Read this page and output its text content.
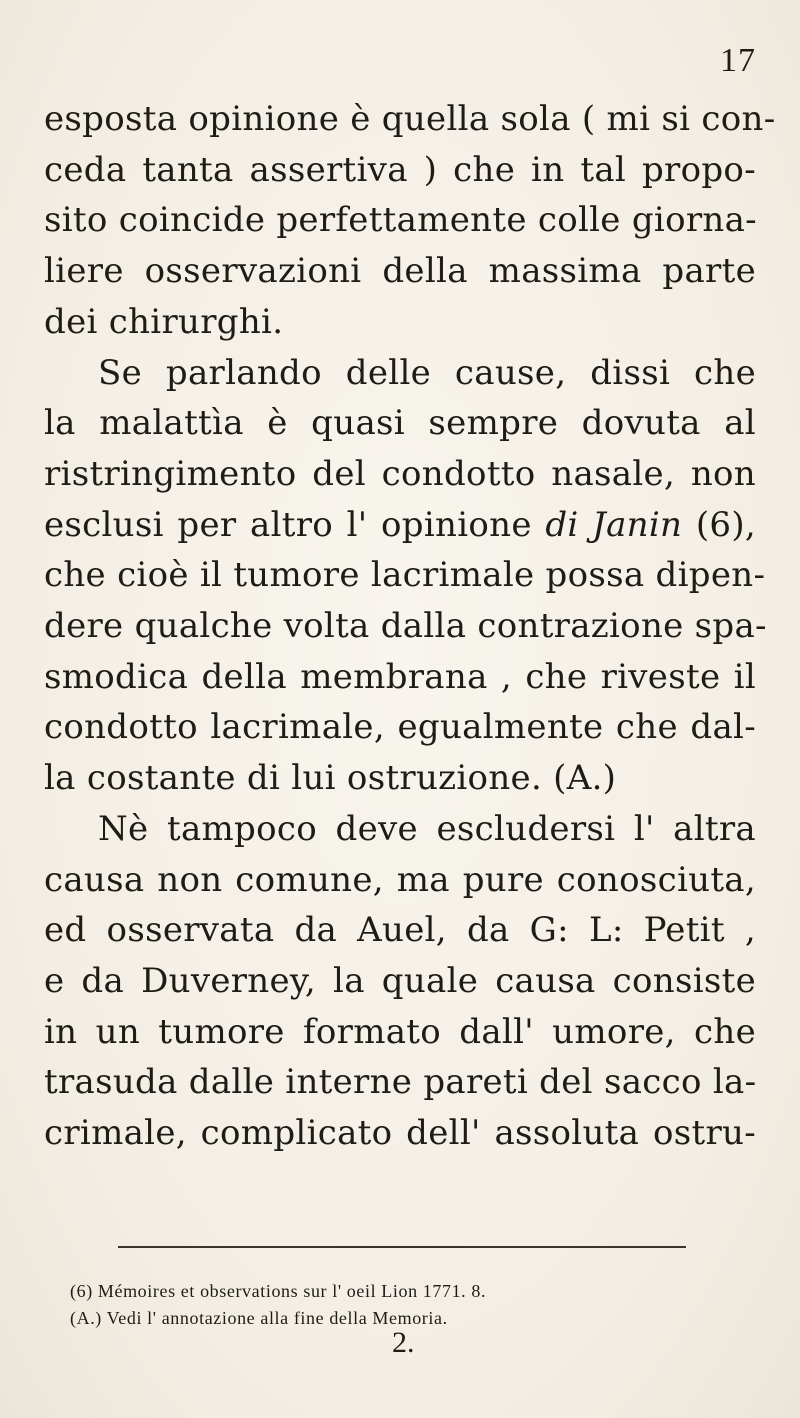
17
esposta opinione è quella sola ( mi si con-
ceda tanta assertiva ) che in tal propo-
sito coincide perfettamente colle giorna-
liere osservazioni della massima parte
dei chirurghi.
Se parlando delle cause, dissi che
la malattìa è quasi sempre dovuta al
ristringimento del condotto nasale, non
esclusi per altro l' opinione di Janin (6),
che cioè il tumore lacrimale possa dipen-
dere qualche volta dalla contrazione spa-
smodica della membrana , che riveste il
condotto lacrimale, egualmente che dal-
la costante di lui ostruzione. (A.)
Nè tampoco deve escludersi l' altra
causa non comune, ma pure conosciuta,
ed osservata da Auel, da G: L: Petit ,
e da Duverney, la quale causa consiste
in un tumore formato dall' umore, che
trasuda dalle interne pareti del sacco la-
crimale, complicato dell' assoluta ostru-
(6) Mémoires et observations sur l' oeil Lion 1771. 8.
(A.) Vedi l' annotazione alla fine della Memoria.
2.
